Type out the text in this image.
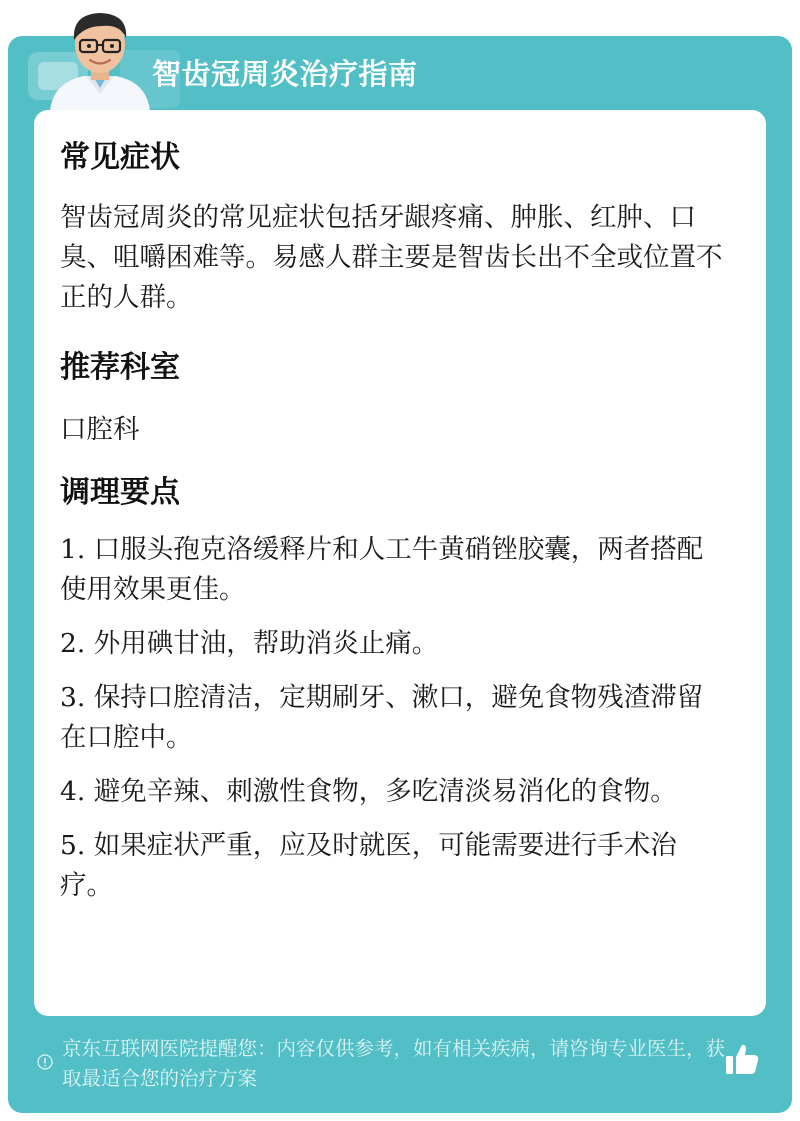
智齿冠周炎治疗指南
常见症状

智齿冠周炎的常见症状包括牙龈疼痛、肿胀、红肿、口臭、咀嚼困难等。易感人群主要是智齿长出不全或位置不正的人群。

推荐科室

口腔科

调理要点
1. 口服头孢克洛缓释片和人工牛黄硝锉胶囊，两者搭配使用效果更佳。
2. 外用碘甘油，帮助消炎止痛。
3. 保持口腔清洁，定期刷牙、漱口，避免食物残渣滞留在口腔中。
4. 避免辛辣、刺激性食物，多吃清淡易消化的食物。
5. 如果症状严重，应及时就医，可能需要进行手术治疗。
京东互联网医院提醒您：内容仅供参考，如有相关疾病，请咨询专业医生，获取最适合您的治疗方案
